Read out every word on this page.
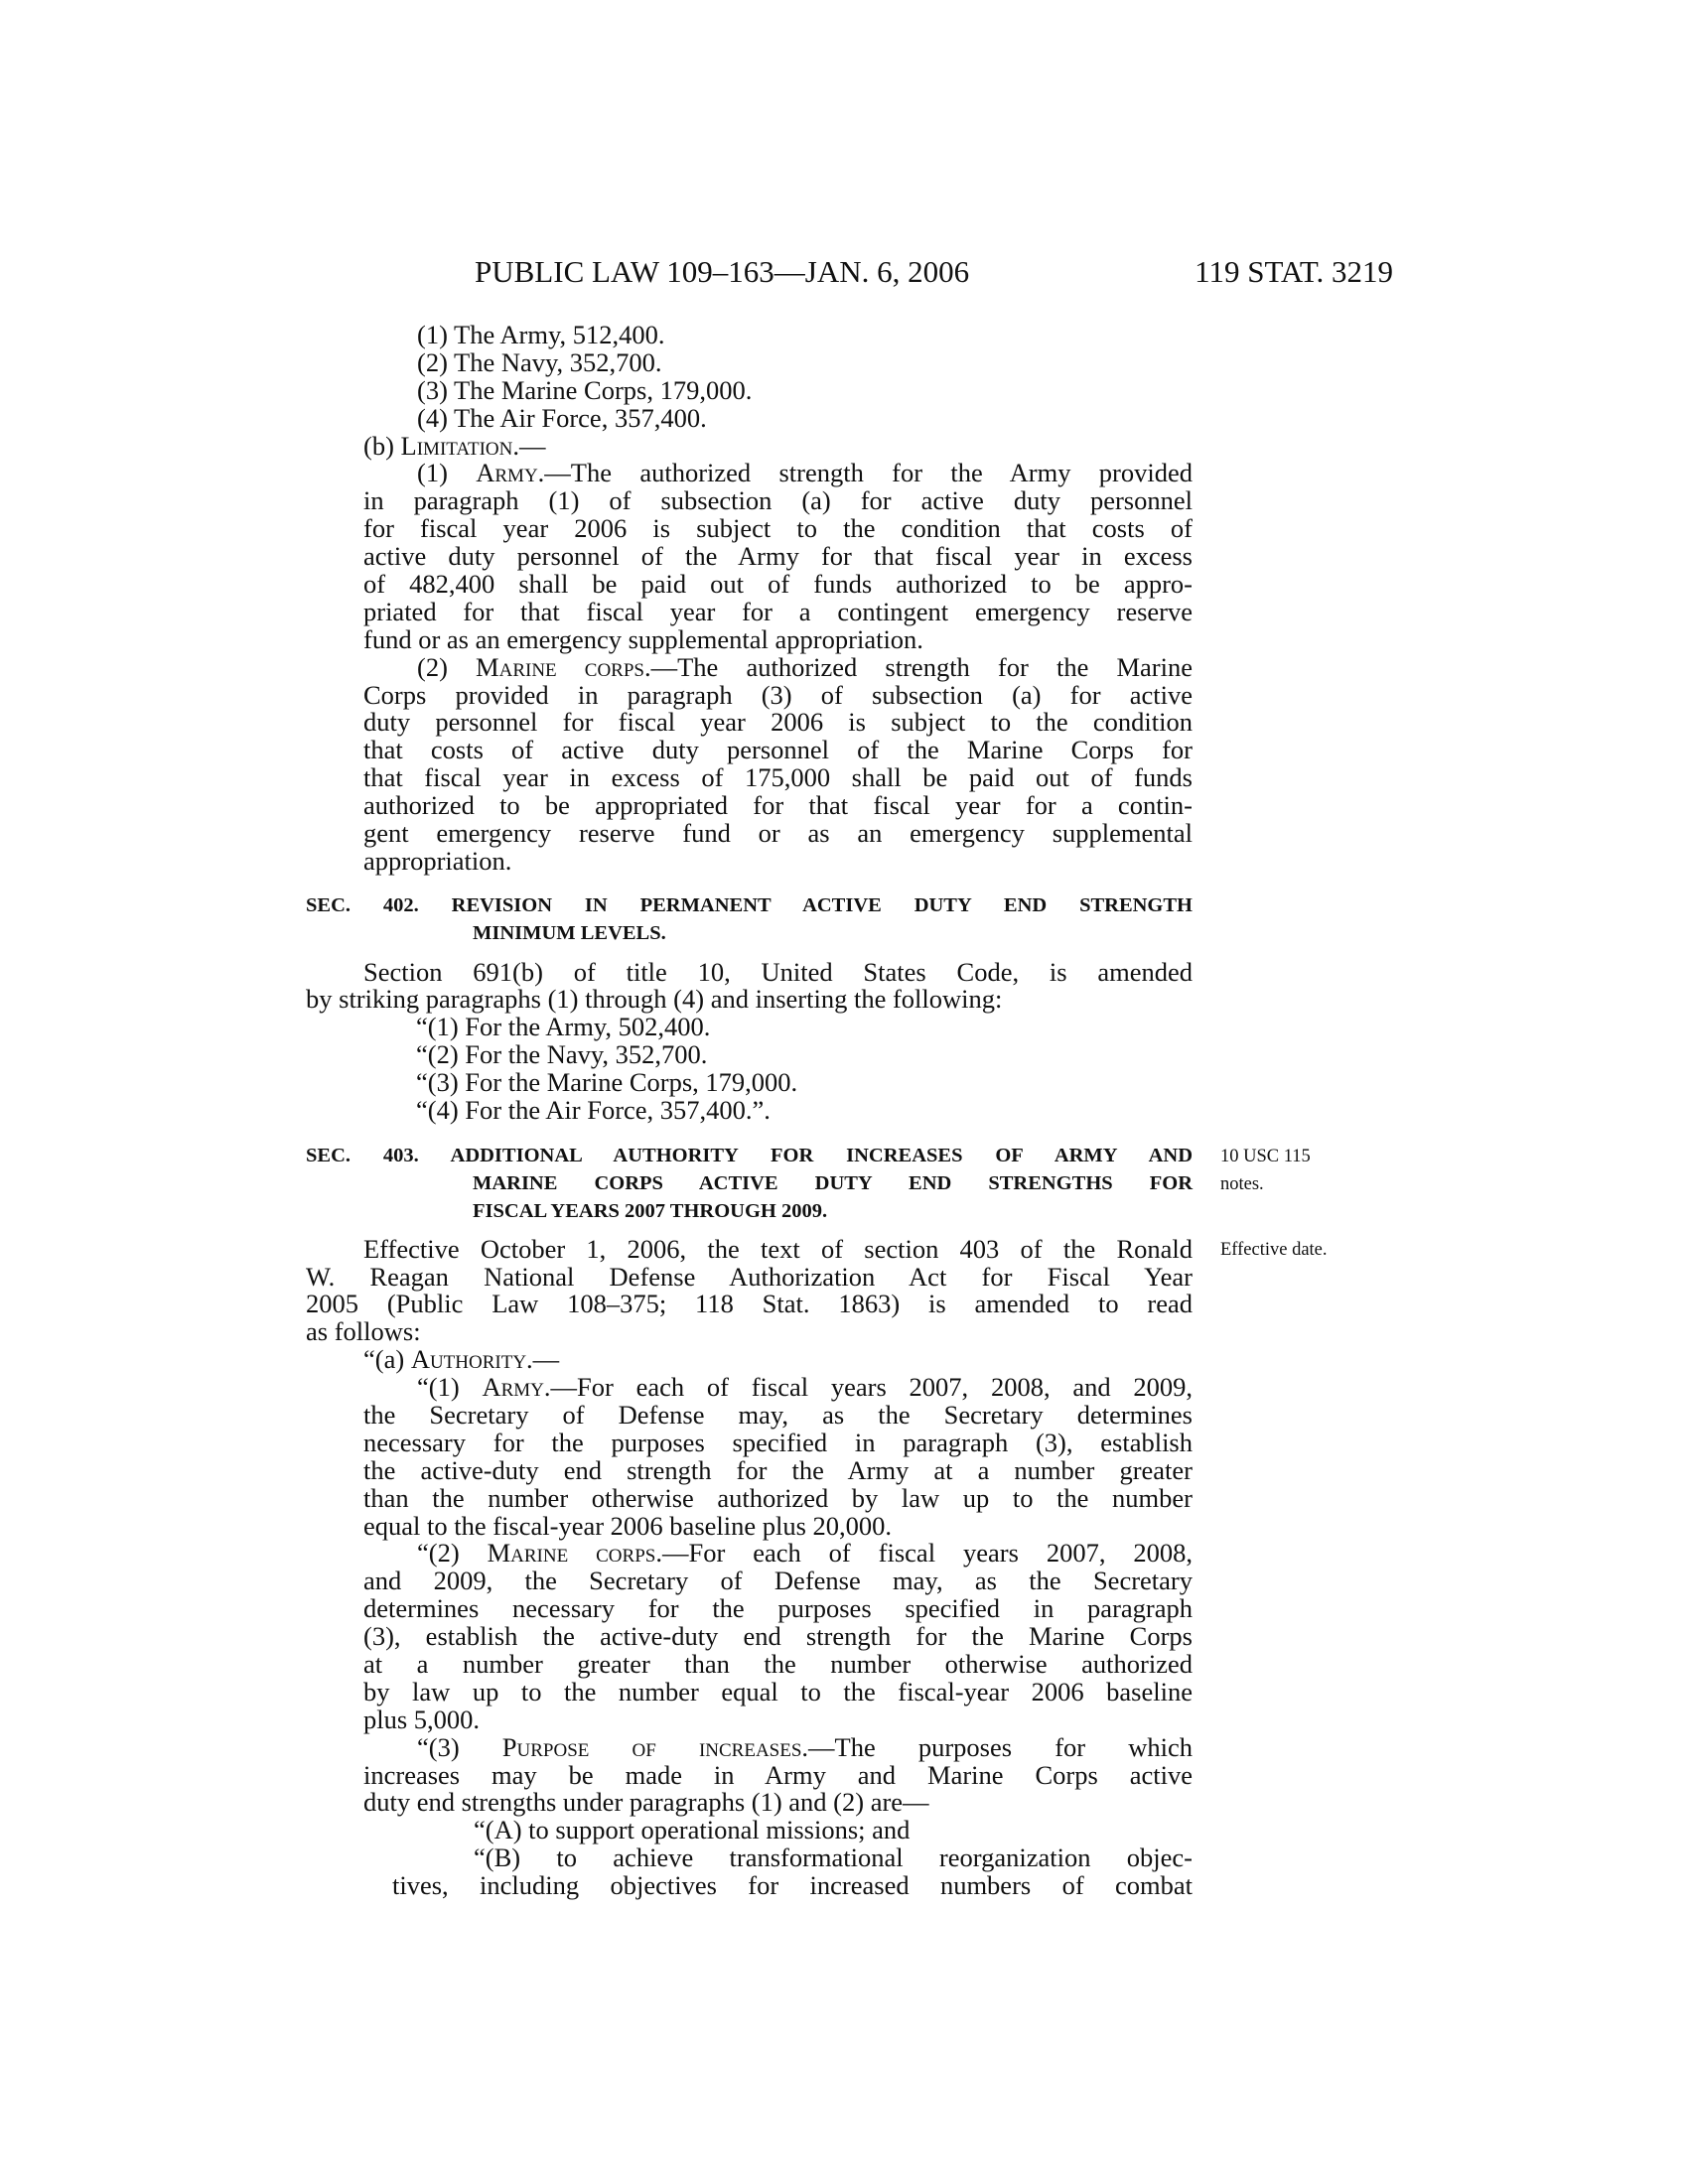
PUBLIC LAW 109–163—JAN. 6, 2006	119 STAT. 3219
(1) The Army, 512,400.
(2) The Navy, 352,700.
(3) The Marine Corps, 179,000.
(4) The Air Force, 357,400.
(b) Limitation.—
(1) Army.—The authorized strength for the Army provided
in paragraph (1) of subsection (a) for active duty personnel
for fiscal year 2006 is subject to the condition that costs of
active duty personnel of the Army for that fiscal year in excess
of 482,400 shall be paid out of funds authorized to be appro-
priated for that fiscal year for a contingent emergency reserve
fund or as an emergency supplemental appropriation.
(2) Marine corps.—The authorized strength for the Marine
Corps provided in paragraph (3) of subsection (a) for active
duty personnel for fiscal year 2006 is subject to the condition
that costs of active duty personnel of the Marine Corps for
that fiscal year in excess of 175,000 shall be paid out of funds
authorized to be appropriated for that fiscal year for a contin-
gent emergency reserve fund or as an emergency supplemental
appropriation.
SEC. 402. REVISION IN PERMANENT ACTIVE DUTY END STRENGTH
MINIMUM LEVELS.
Section 691(b) of title 10, United States Code, is amended
by striking paragraphs (1) through (4) and inserting the following:
“(1) For the Army, 502,400.
“(2) For the Navy, 352,700.
“(3) For the Marine Corps, 179,000.
“(4) For the Air Force, 357,400.”.
SEC. 403. ADDITIONAL AUTHORITY FOR INCREASES OF ARMY AND
MARINE CORPS ACTIVE DUTY END STRENGTHS FOR
FISCAL YEARS 2007 THROUGH 2009.
10 USC 115
notes.
Effective October 1, 2006, the text of section 403 of the Ronald
W. Reagan National Defense Authorization Act for Fiscal Year
2005 (Public Law 108–375; 118 Stat. 1863) is amended to read
as follows:
Effective date.
“(a) Authority.—
“(1) Army.—For each of fiscal years 2007, 2008, and 2009,
the Secretary of Defense may, as the Secretary determines
necessary for the purposes specified in paragraph (3), establish
the active-duty end strength for the Army at a number greater
than the number otherwise authorized by law up to the number
equal to the fiscal-year 2006 baseline plus 20,000.
“(2) Marine corps.—For each of fiscal years 2007, 2008,
and 2009, the Secretary of Defense may, as the Secretary
determines necessary for the purposes specified in paragraph
(3), establish the active-duty end strength for the Marine Corps
at a number greater than the number otherwise authorized
by law up to the number equal to the fiscal-year 2006 baseline
plus 5,000.
“(3) Purpose of increases.—The purposes for which
increases may be made in Army and Marine Corps active
duty end strengths under paragraphs (1) and (2) are—
“(A) to support operational missions; and
“(B) to achieve transformational reorganization objec-
tives, including objectives for increased numbers of combat
